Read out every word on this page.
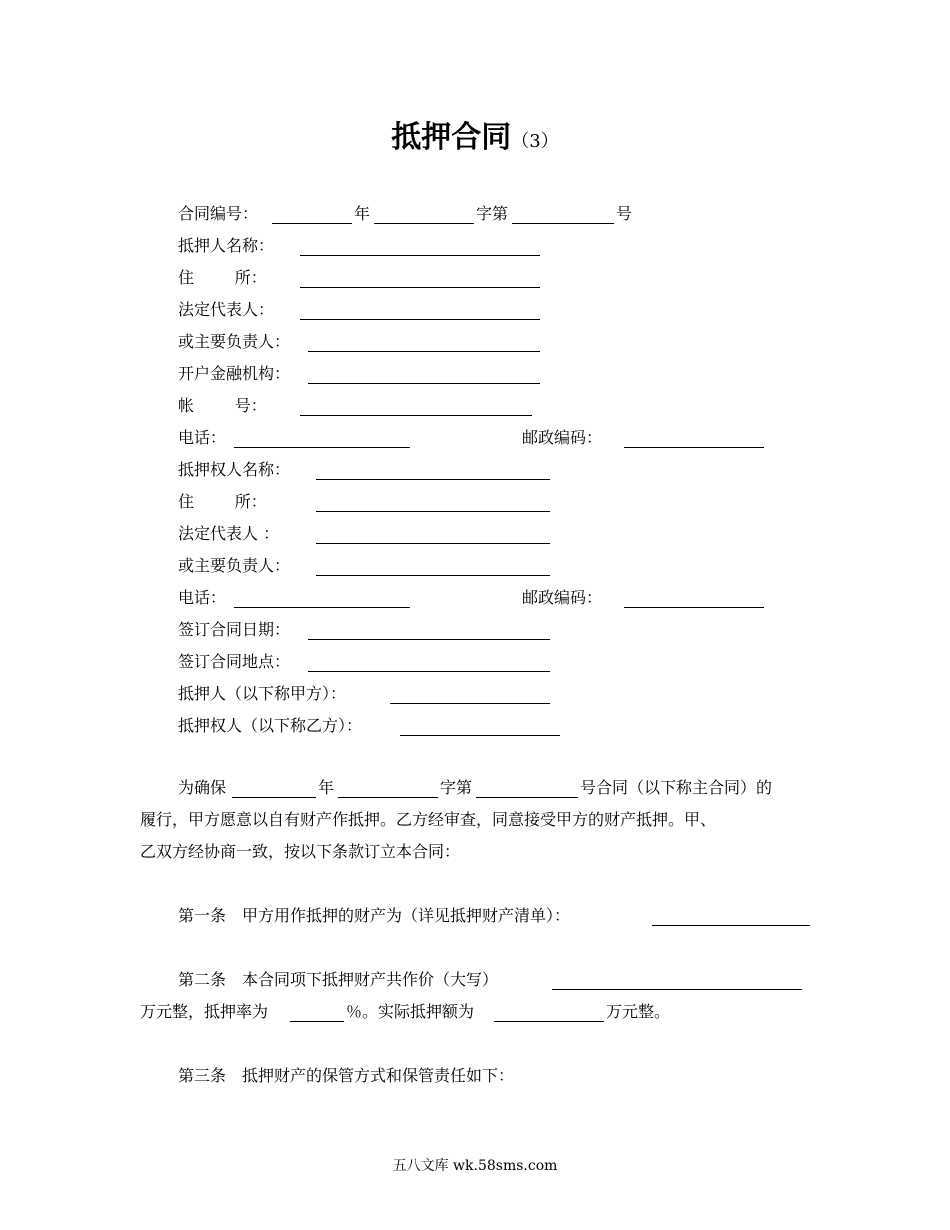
抵押合同（3）
合同编号：	年	字第	号
抵押人名称：
住        所：
法定代表人：
或主要负责人：
开户金融机构：
帐        号：
电话：	邮政编码：
抵押权人名称：
住        所：
法定代表人 ：
或主要负责人：
电话：	邮政编码：
签订合同日期：
签订合同地点：
抵押人（以下称甲方）：
抵押权人（以下称乙方）：
为确保	年	字第	号合同（以下称主合同）的
履行，甲方愿意以自有财产作抵押。乙方经审查，同意接受甲方的财产抵押。甲、
乙双方经协商一致，按以下条款订立本合同：
第一条　甲方用作抵押的财产为（详见抵押财产清单）：
第二条　本合同项下抵押财产共作价（大写）
万元整，抵押率为	％。实际抵押额为	万元整。
第三条　抵押财产的保管方式和保管责任如下：
五八文库 wk.58sms.com
